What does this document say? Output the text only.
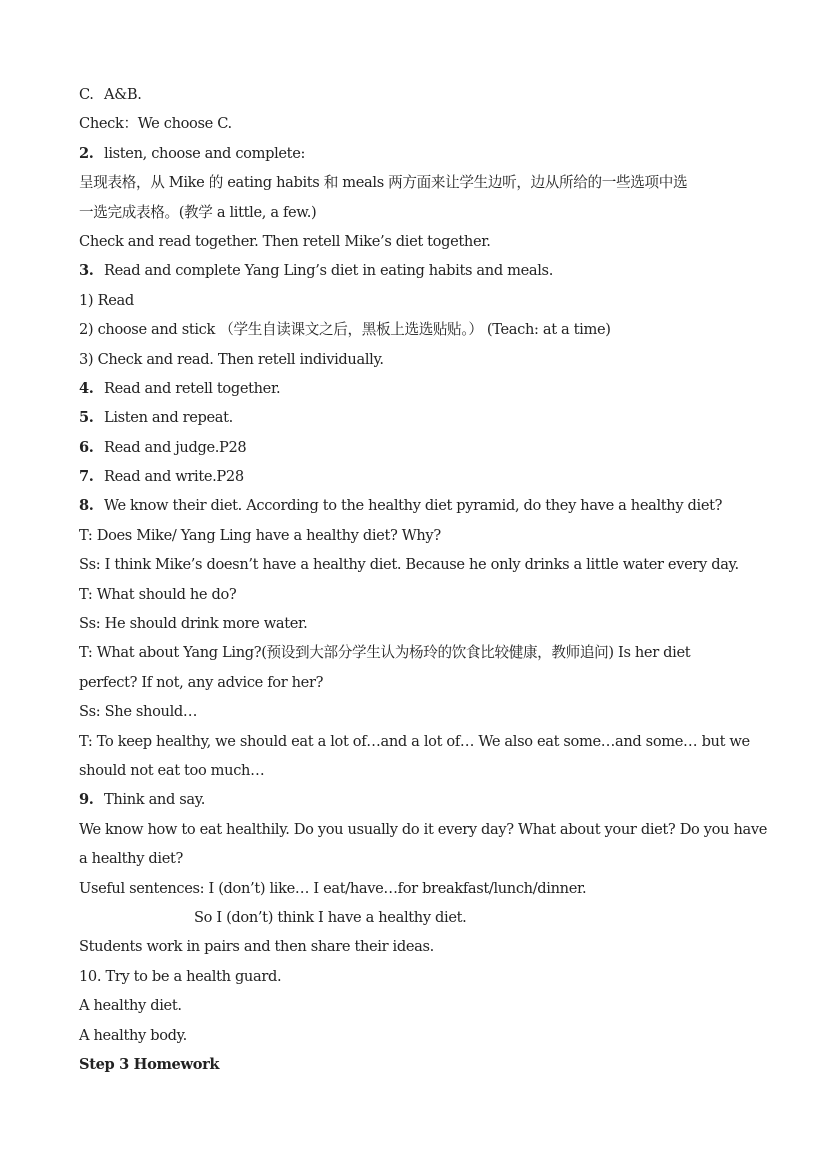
C. A&B.
Check：We choose C.
2. listen, choose and complete:
呈现表格，从 Mike 的 eating habits 和 meals 两方面来让学生边听，边从所给的一些选项中选
一选完成表格。(教学 a little, a few.)
Check and read together. Then retell Mike’s diet together.
3. Read and complete Yang Ling’s diet in eating habits and meals.
1) Read
2) choose and stick （学生自读课文之后，黑板上选选贴贴。） (Teach: at a time)
3) Check and read. Then retell individually.
4. Read and retell together.
5. Listen and repeat.
6. Read and judge.P28
7. Read and write.P28
8. We know their diet. According to the healthy diet pyramid, do they have a healthy diet?
T: Does Mike/ Yang Ling have a healthy diet? Why?
Ss: I think Mike’s doesn’t have a healthy diet. Because he only drinks a little water every day.
T: What should he do?
Ss: He should drink more water.
T: What about Yang Ling?(预设到大部分学生认为杨玲的饮食比较健康，教师追问) Is her diet
perfect? If not, any advice for her?
Ss: She should…
T: To keep healthy, we should eat a lot of…and a lot of… We also eat some…and some… but we
should not eat too much…
9. Think and say.
We know how to eat healthily. Do you usually do it every day? What about your diet? Do you have
a healthy diet?
Useful sentences: I (don’t) like… I eat/have…for breakfast/lunch/dinner.
So I (don’t) think I have a healthy diet.
Students work in pairs and then share their ideas.
10. Try to be a health guard.
A healthy diet.
A healthy body.
Step 3 Homework
